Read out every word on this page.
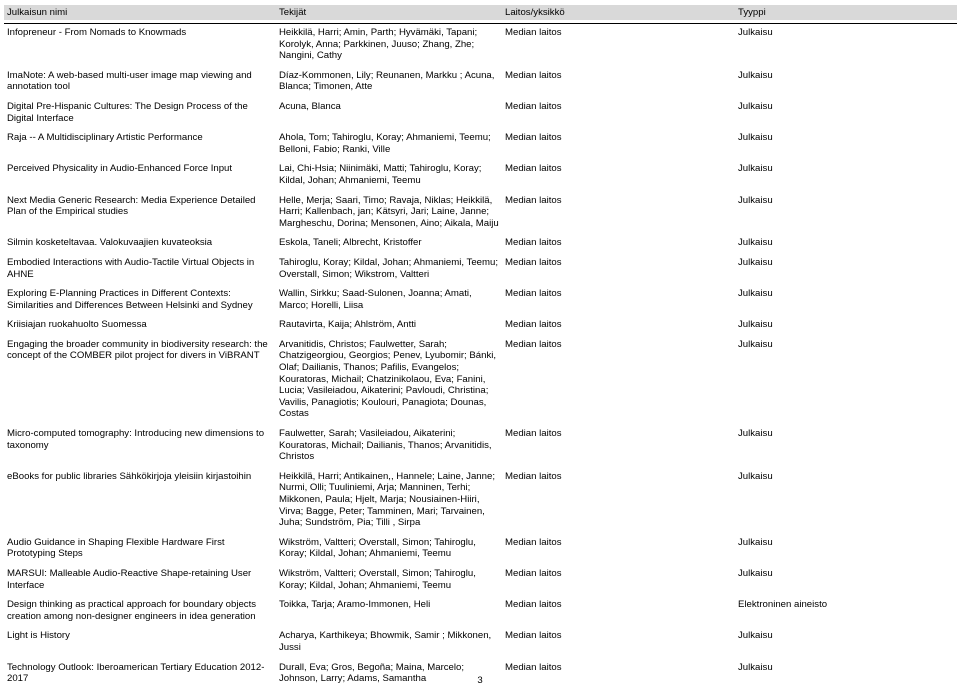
Julkaisun nimi	Tekijät	Laitos/yksikkö	Tyyppi

Infopreneur - From Nomads to Knowmads	Heikkilä, Harri; Amin, Parth; Hyvämäki, Tapani; Korolyk, Anna; Parkkinen, Juuso; Zhang, Zhe; Nangini, Cathy	Median laitos	Julkaisu
ImaNote: A web-based multi-user image map viewing and annotation tool	Díaz-Kommonen, Lily; Reunanen, Markku ; Acuna, Blanca; Timonen, Atte	Median laitos	Julkaisu
Digital Pre-Hispanic Cultures: The Design Process of the Digital Interface	Acuna, Blanca	Median laitos	Julkaisu
Raja -- A Multidisciplinary Artistic Performance	Ahola, Tom; Tahiroglu, Koray; Ahmaniemi, Teemu; Belloni, Fabio; Ranki, Ville	Median laitos	Julkaisu
Perceived Physicality in Audio-Enhanced Force Input	Lai, Chi-Hsia; Niinimäki, Matti; Tahiroglu, Koray; Kildal, Johan; Ahmaniemi, Teemu	Median laitos	Julkaisu
Next Media Generic Research: Media Experience Detailed Plan of the Empirical studies	Helle, Merja; Saari, Timo; Ravaja, Niklas; Heikkilä, Harri; Kallenbach, jan; Kätsyri, Jari; Laine, Janne; Margheschu, Dorina; Mensonen, Aino; Aikala, Maiju	Median laitos	Julkaisu
Silmin kosketeltavaa. Valokuvaajien kuvateoksia	Eskola, Taneli; Albrecht, Kristoffer	Median laitos	Julkaisu
Embodied Interactions with Audio-Tactile Virtual Objects in AHNE	Tahiroglu, Koray; Kildal, Johan; Ahmaniemi, Teemu; Overstall, Simon; Wikstrom, Valtteri	Median laitos	Julkaisu
Exploring E-Planning Practices in Different Contexts: Similarities and Differences Between Helsinki and Sydney	Wallin, Sirkku; Saad-Sulonen, Joanna; Amati, Marco; Horelli, Liisa	Median laitos	Julkaisu
Kriisiajan ruokahuolto Suomessa	Rautavirta, Kaija; Ahlström, Antti	Median laitos	Julkaisu
Engaging the broader community in biodiversity research: the concept of the COMBER pilot project for divers in ViBRANT	Arvanitidis, Christos; Faulwetter, Sarah; Chatzigeorgiou, Georgios; Penev, Lyubomir; Bánki, Olaf; Dailianis, Thanos; Pafilis, Evangelos; Kouratoras, Michail; Chatzinikolaou, Eva; Fanini, Lucia; Vasileiadou, Aikaterini; Pavloudi, Christina; Vavilis, Panagiotis; Koulouri, Panagiota; Dounas, Costas	Median laitos	Julkaisu
Micro-computed tomography: Introducing new dimensions to taxonomy	Faulwetter, Sarah; Vasileiadou, Aikaterini; Kouratoras, Michail; Dailianis, Thanos; Arvanitidis, Christos	Median laitos	Julkaisu
eBooks for public libraries Sähkökirjoja yleisiin kirjastoihin	Heikkilä, Harri; Antikainen,, Hannele; Laine, Janne; Nurmi, Olli; Tuuliniemi, Arja; Manninen, Terhi; Mikkonen, Paula; Hjelt, Marja; Nousiainen-Hiiri, Virva; Bagge, Peter; Tamminen, Mari; Tarvainen, Juha; Sundström, Pia; Tilli , Sirpa	Median laitos	Julkaisu
Audio Guidance in Shaping Flexible Hardware First Prototyping Steps	Wikström, Valtteri; Overstall, Simon; Tahiroglu, Koray; Kildal, Johan; Ahmaniemi, Teemu	Median laitos	Julkaisu
MARSUI: Malleable Audio-Reactive Shape-retaining User Interface	Wikström, Valtteri; Overstall, Simon; Tahiroglu, Koray; Kildal, Johan; Ahmaniemi, Teemu	Median laitos	Julkaisu
Design thinking as practical approach for boundary objects creation among non-designer engineers in idea generation	Toikka, Tarja; Aramo-Immonen, Heli	Median laitos	Elektroninen aineisto
Light is History	Acharya, Karthikeya; Bhowmik, Samir ; Mikkonen, Jussi	Median laitos	Julkaisu
Technology Outlook: Iberoamerican Tertiary Education 2012-2017	Durall, Eva; Gros, Begoña; Maina, Marcelo; Johnson, Larry; Adams, Samantha	Median laitos	Julkaisu
3
